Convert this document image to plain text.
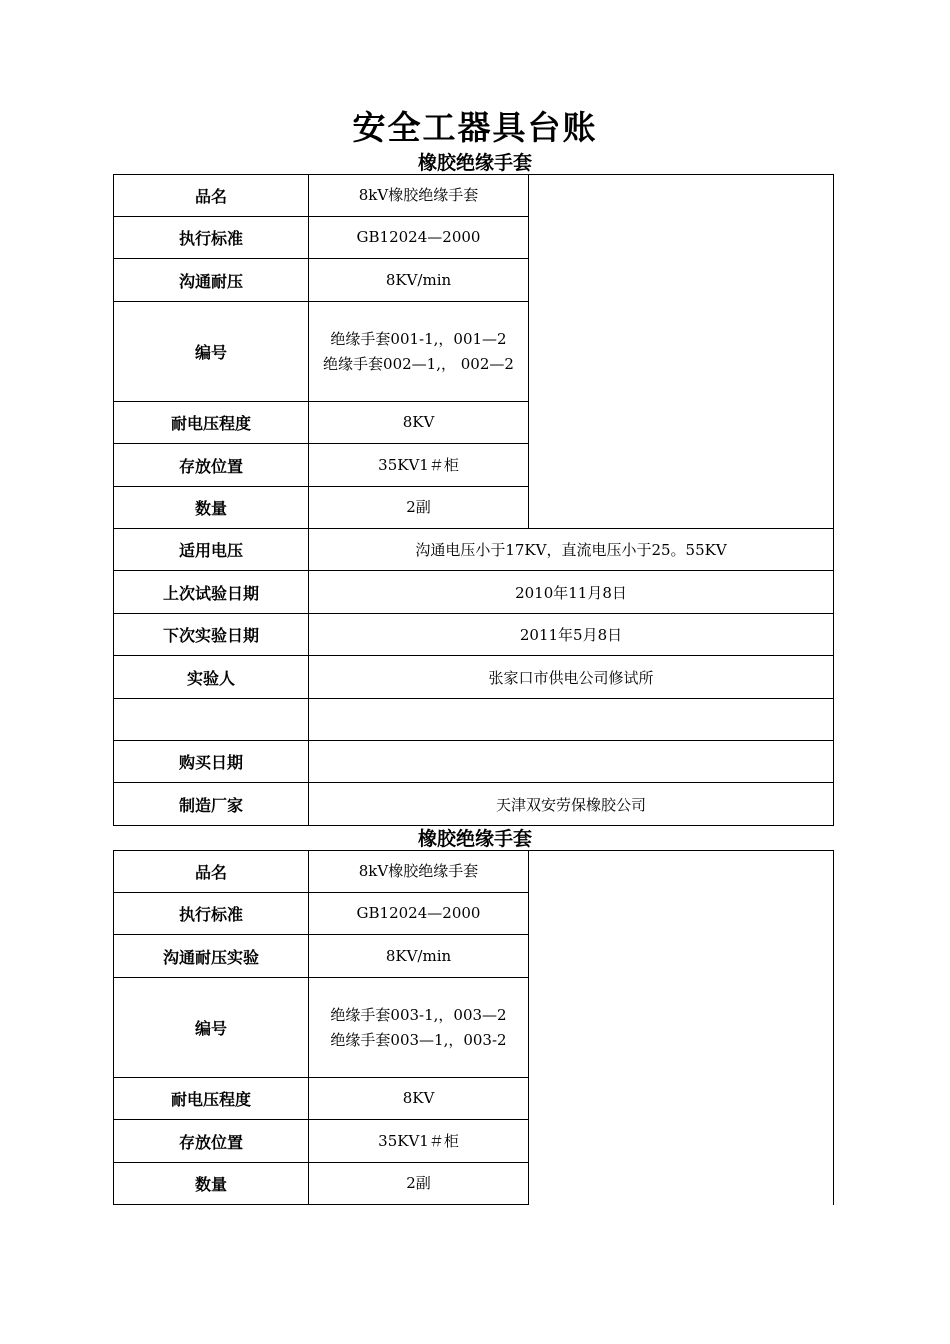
安全工器具台账
橡胶绝缘手套
品名	8kV橡胶绝缘手套	
执行标准	GB12024—2000	
沟通耐压	8KV/min	
编号	绝缘手套001-1,，001—2
绝缘手套002—1,， 002—2	

耐电压程度	8KV	
存放位置	35KV1＃柜	
数量	2副	
适用电压	沟通电压小于17KV，直流电压小于25。55KV	
上次试验日期	2010年11月8日	
下次实验日期	2011年5月8日	
实验人	张家口市供电公司修试所	

购买日期		
制造厂家	天津双安劳保橡胶公司	
橡胶绝缘手套
品名	8kV橡胶绝缘手套	
执行标准	GB12024—2000	
沟通耐压实验	8KV/min	
编号	绝缘手套003-1,，003—2
绝缘手套003—1,，003-2	

耐电压程度	8KV	
存放位置	35KV1＃柜	
数量	2副	
